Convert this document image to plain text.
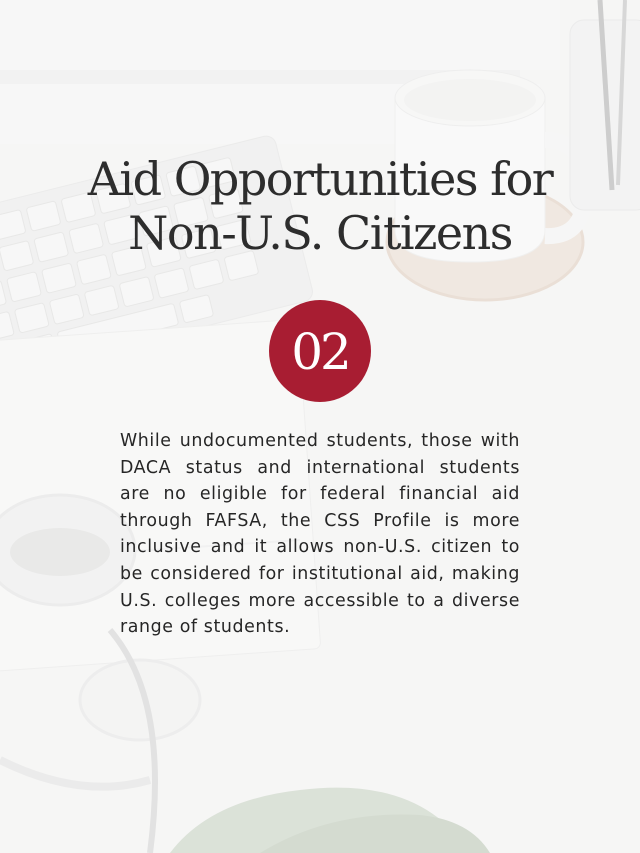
Aid Opportunities for
Non-U.S. Citizens
02

While undocumented students, those with DACA status and international students are no eligible for federal financial aid through FAFSA, the CSS Profile is more inclusive and it allows non-U.S. citizen to be considered for institutional aid, making U.S. colleges more accessible to a diverse range of students.
